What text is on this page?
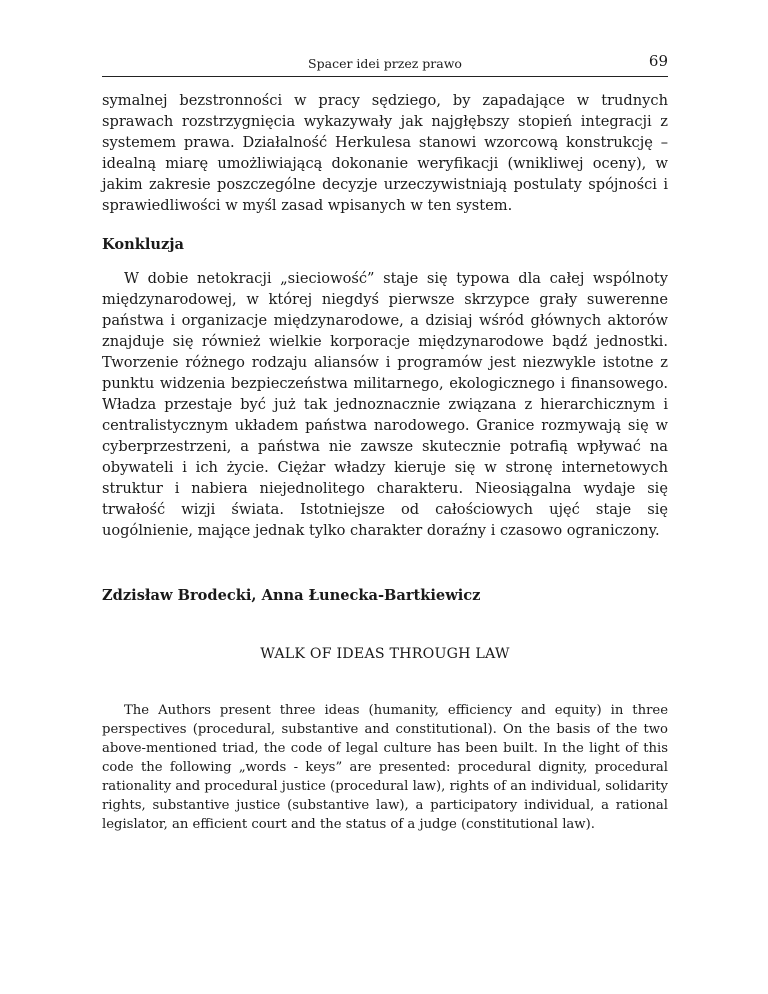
Spacer idei przez prawo	69

symalnej bezstronności w pracy sędziego, by zapadające w trudnych sprawach rozstrzygnięcia wykazywały jak najgłębszy stopień integracji z systemem prawa. Działalność Herkulesa stanowi wzorcową konstrukcję – idealną miarę umożliwiającą dokonanie weryfikacji (wnikliwej oceny), w jakim zakresie poszczególne decyzje urzeczywistniają postulaty spójności i sprawiedliwości w myśl zasad wpisanych w ten system.

Konkluzja

W dobie netokracji „sieciowość” staje się typowa dla całej wspólnoty międzynarodowej, w której niegdyś pierwsze skrzypce grały suwerenne państwa i organizacje międzynarodowe, a dzisiaj wśród głównych aktorów znajduje się również wielkie korporacje międzynarodowe bądź jednostki. Tworzenie różnego rodzaju aliansów i programów jest niezwykle istotne z punktu widzenia bezpieczeństwa militarnego, ekologicznego i finansowego. Władza przestaje być już tak jednoznacznie związana z hierarchicznym i centralistycznym układem państwa narodowego. Granice rozmywają się w cyberprzestrzeni, a państwa nie zawsze skutecznie potrafią wpływać na obywateli i ich życie. Ciężar władzy kieruje się w stronę internetowych struktur i nabiera niejednolitego charakteru. Nieosiągalna wydaje się trwałość wizji świata. Istotniejsze od całościowych ujęć staje się uogólnienie, mające jednak tylko charakter doraźny i czasowo ograniczony.

Zdzisław Brodecki, Anna Łunecka-Bartkiewicz

WALK OF IDEAS THROUGH LAW

The Authors present three ideas (humanity, efficiency and equity) in three perspectives (procedural, substantive and constitutional). On the basis of the two above-mentioned triad, the code of legal culture has been built. In the light of this code the following „words - keys” are presented: procedural dignity, procedural rationality and procedural justice (procedural law), rights of an individual, solidarity rights, substantive justice (substantive law), a participatory individual, a rational legislator, an efficient court and the status of a judge (constitutional law).
